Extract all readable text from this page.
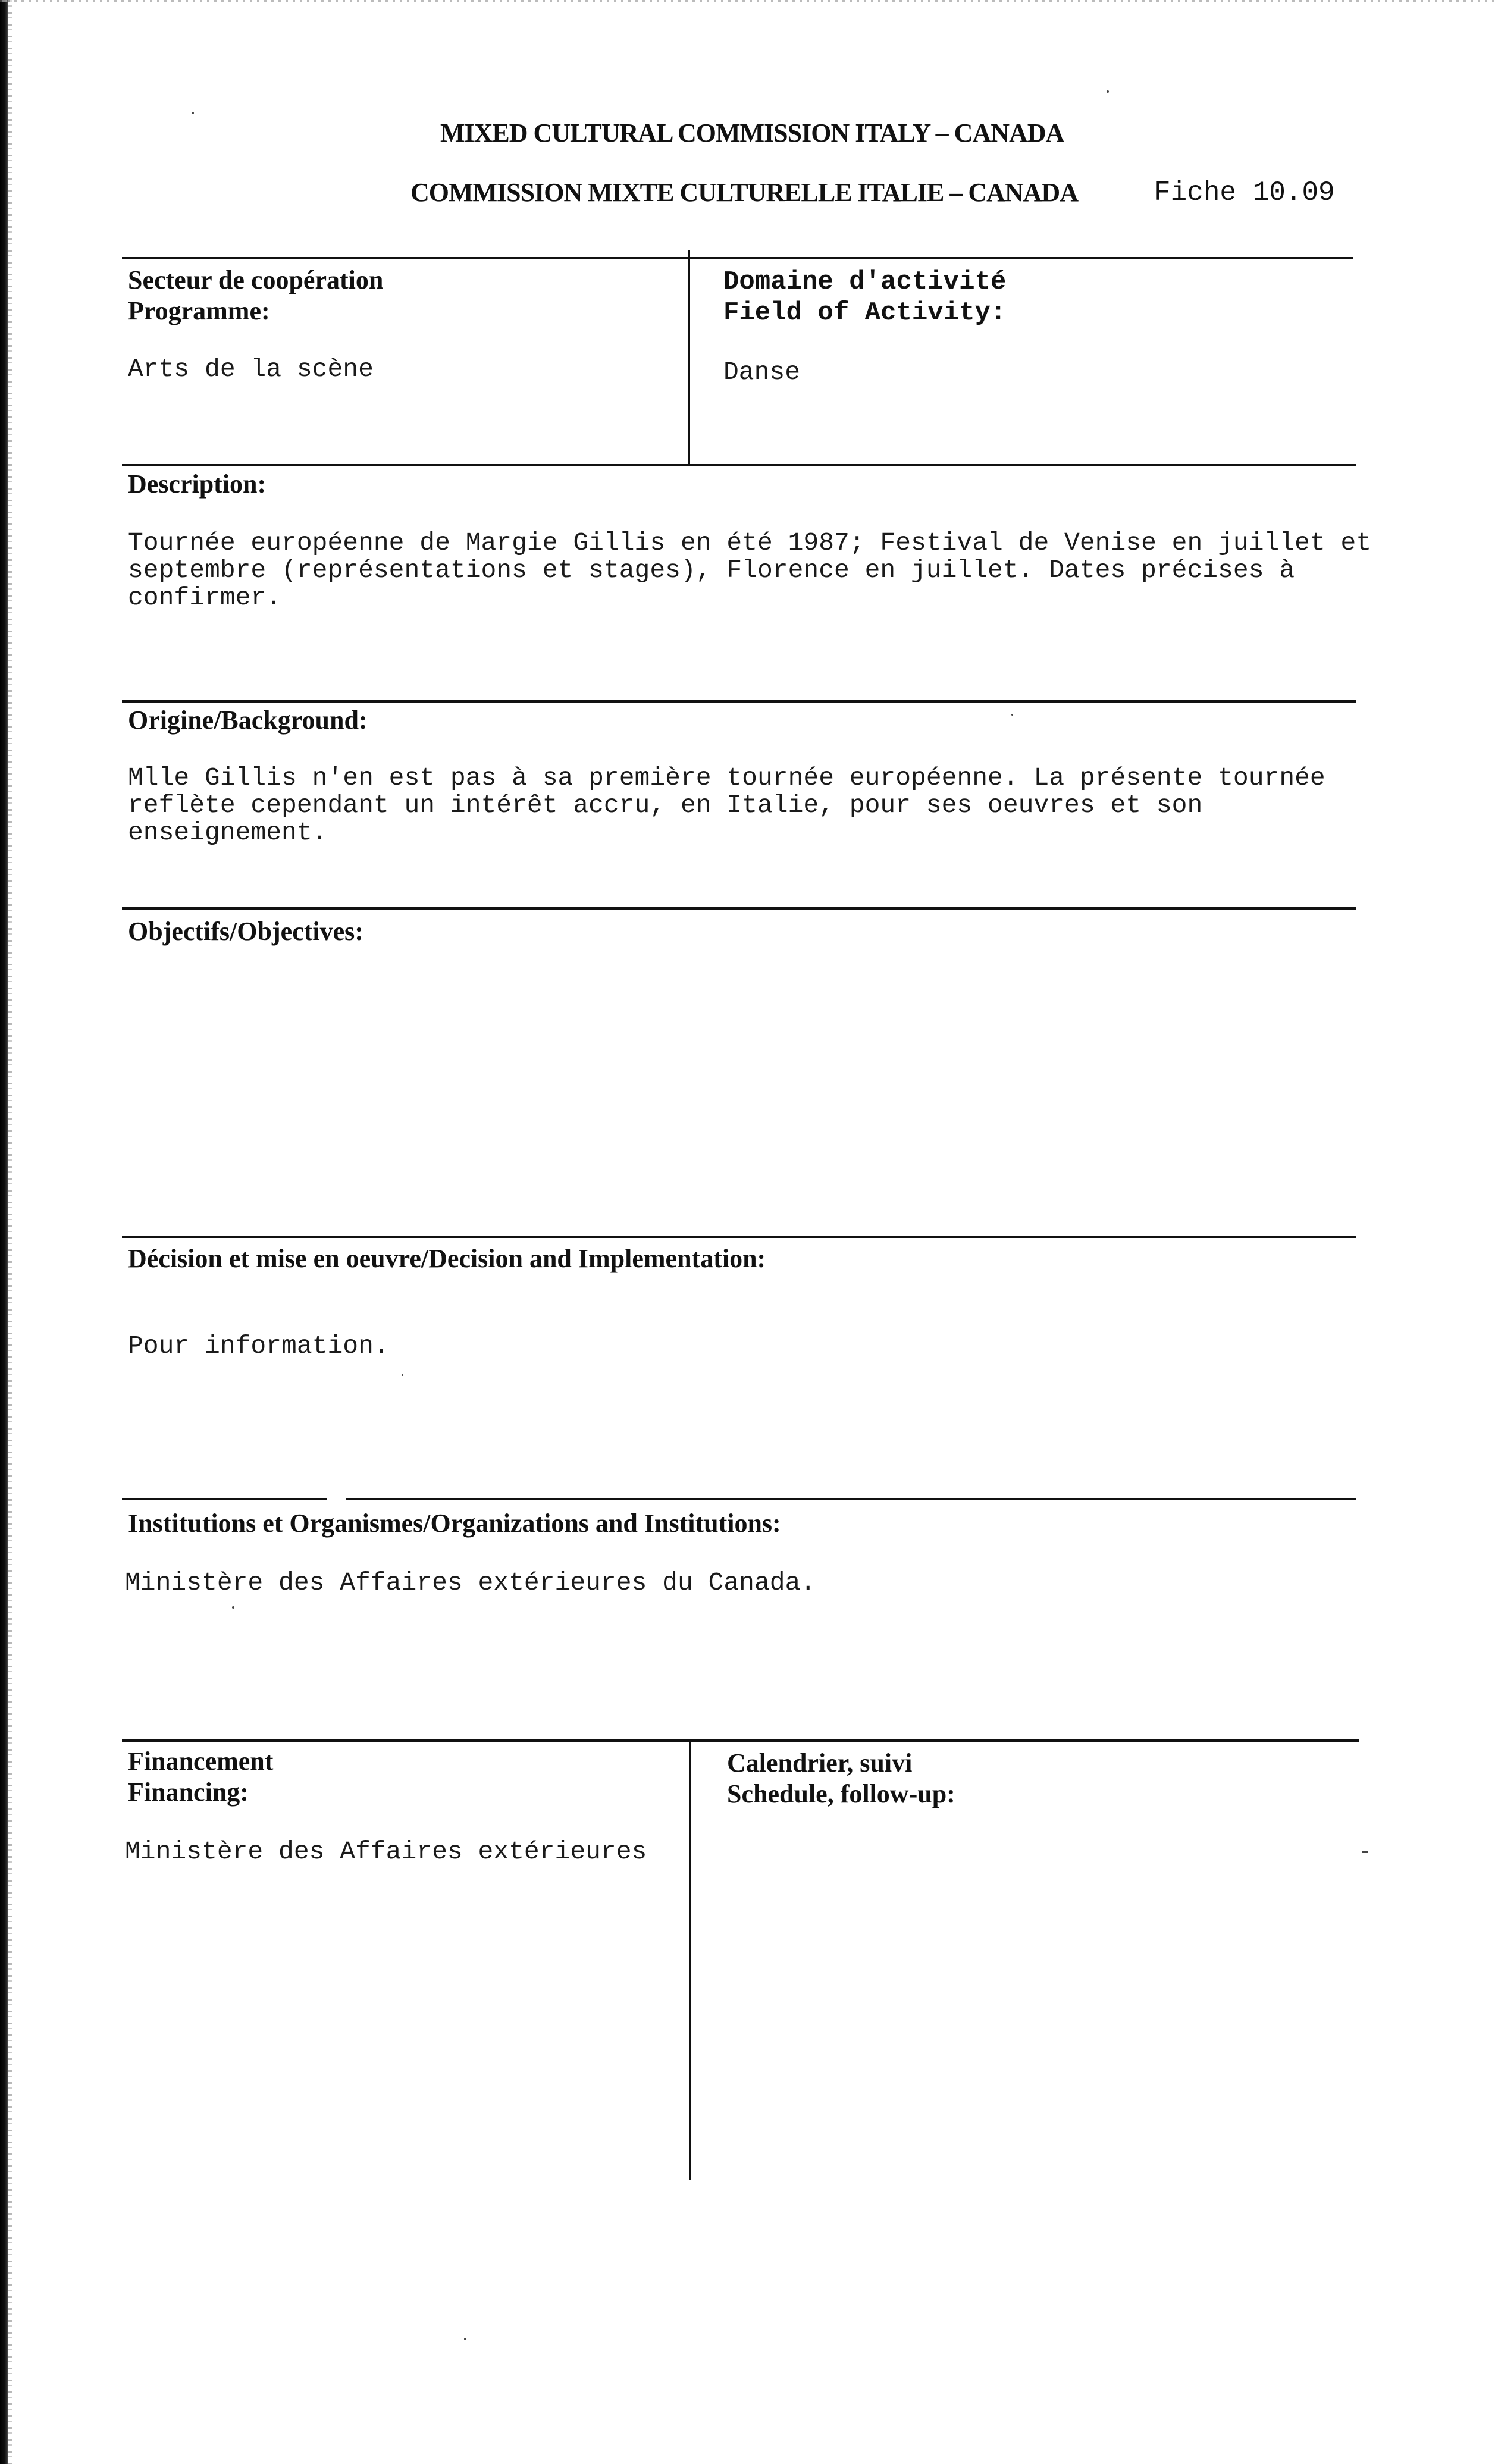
MIXED CULTURAL COMMISSION ITALY – CANADA
COMMISSION MIXTE CULTURELLE ITALIE – CANADA	Fiche 10.09
Secteur de coopération
Programme:
Arts de la scène
Domaine d'activité
Field of Activity:
Danse
Description:
Tournée européenne de Margie Gillis en été 1987; Festival de Venise en juillet et
septembre (représentations et stages), Florence en juillet. Dates précises à
confirmer.
Origine/Background:
Mlle Gillis n'en est pas à sa première tournée européenne. La présente tournée
reflète cependant un intérêt accru, en Italie, pour ses oeuvres et son
enseignement.
Objectifs/Objectives:
Décision et mise en oeuvre/Decision and Implementation:
Pour information.
Institutions et Organismes/Organizations and Institutions:
Ministère des Affaires extérieures du Canada.
Financement
Financing:
Ministère des Affaires extérieures
Calendrier, suivi
Schedule, follow-up:
